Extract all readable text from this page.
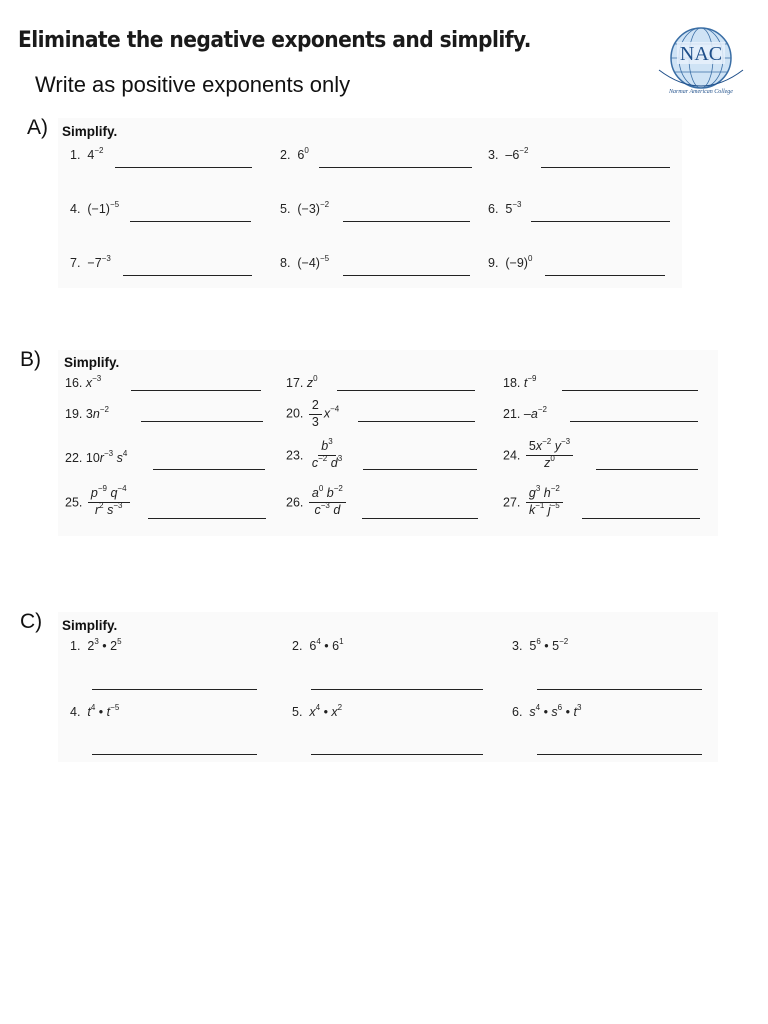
Eliminate the negative exponents and simplify.
Write as positive exponents only
NAC
Narmar American College
A) Simplify.
1. $4^{-2}$	2. $6^0$	3. $-6^{-2}$
4. $(-1)^{-5}$	5. $(-3)^{-2}$	6. $5^{-3}$
7. $-7^{-3}$	8. $(-4)^{-5}$	9. $(-9)^0$
B) Simplify.
16. $x^{-3}$	17. $z^0$	18. $t^{-9}$
19. $3n^{-2}$	20. $\frac{2}{3} x^{-4}$	21. $-a^{-2}$
22. $10r^{-3}$ $s^4$	23. $\frac{b^3}{c^{-2} d^3}$	24. $\frac{5x^{-2} y^{-3}}{z^0}$
25. $\frac{p^{-9} q^{-4}}{r^2 s^{-3}}$	26. $\frac{a^0 b^{-2}}{c^{-3} d}$	27. $\frac{g^3 h^{-2}}{k^{-1} j^{-5}}$
C) Simplify.
1. $2^3$ • $2^5$	2. $6^4$ • $6^1$	3. $5^6$ • $5^{-2}$
4. $t^4$ • $t^{-5}$	5. $x^4$ • $x^2$	6. $s^4$ • $s^6$ • $t^3$
